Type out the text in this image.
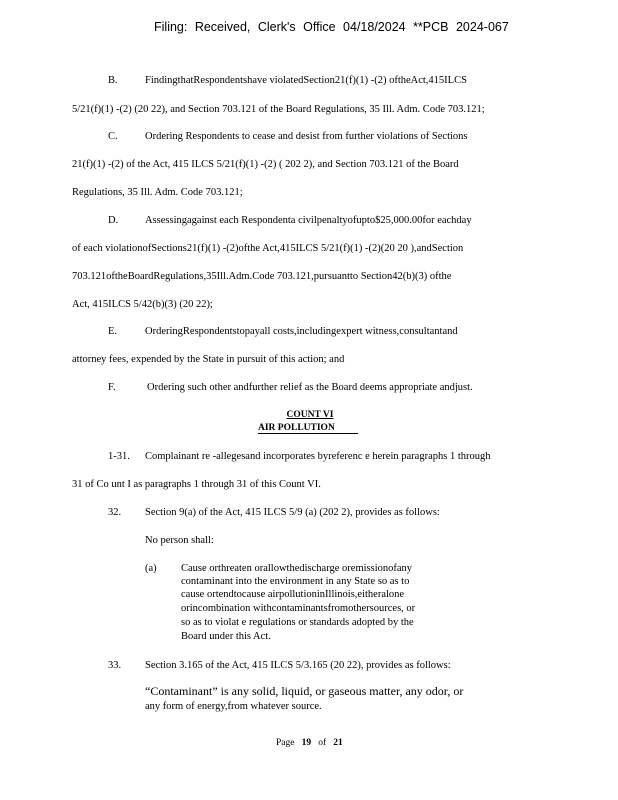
Filing: Received, Clerk's Office 04/18/2024 **PCB 2024-067
B.	FindingthatRespondentshave violatedSection21(f)(1) -(2) oftheAct,415ILCS
5/21(f)(1) -(2) (20 22), and Section 703.121 of the Board Regulations, 35 Ill. Adm. Code 703.121;
C.	Ordering Respondents to cease and desist from further violations of Sections
21(f)(1) -(2) of the Act, 415 ILCS 5/21(f)(1) -(2) ( 202 2), and Section 703.121 of the Board
Regulations, 35 Ill. Adm. Code 703.121;
D.	Assessingagainst each Respondenta civilpenaltyofupto$25,000.00for eachday
of each violationofSections21(f)(1) -(2)ofthe Act,415ILCS 5/21(f)(1) -(2)(20 20 ),andSection
703.121oftheBoardRegulations,35Ill.Adm.Code 703.121,pursuantto Section42(b)(3) ofthe
Act, 415ILCS 5/42(b)(3) (20 22);
E.	OrderingRespondentstopayall costs,includingexpert witness,consultantand
attorney fees, expended by the State in pursuit of this action; and
F.	Ordering such other andfurther relief as the Board deems appropriate andjust.
COUNT VI
AIR POLLUTION
1-31. Complainant re -allegesand incorporates byreferenc e herein paragraphs 1 through
31 of Co unt I as paragraphs 1 through 31 of this Count VI.
32. Section 9(a) of the Act, 415 ILCS 5/9 (a) (202 2), provides as follows:
No person shall:
(a) Cause orthreaten orallowthedischarge oremissionofany
contaminant into the environment in any State so as to
cause ortendtocause airpollutioninIllinois,eitheralone
orincombination withcontaminantsfromothersources, or
so as to violat e regulations or standards adopted by the
Board under this Act.
33. Section 3.165 of the Act, 415 ILCS 5/3.165 (20 22), provides as follows:
“Contaminant” is any solid, liquid, or gaseous matter, any odor, or
any form of energy,from whatever source.
Page 19 of 21
